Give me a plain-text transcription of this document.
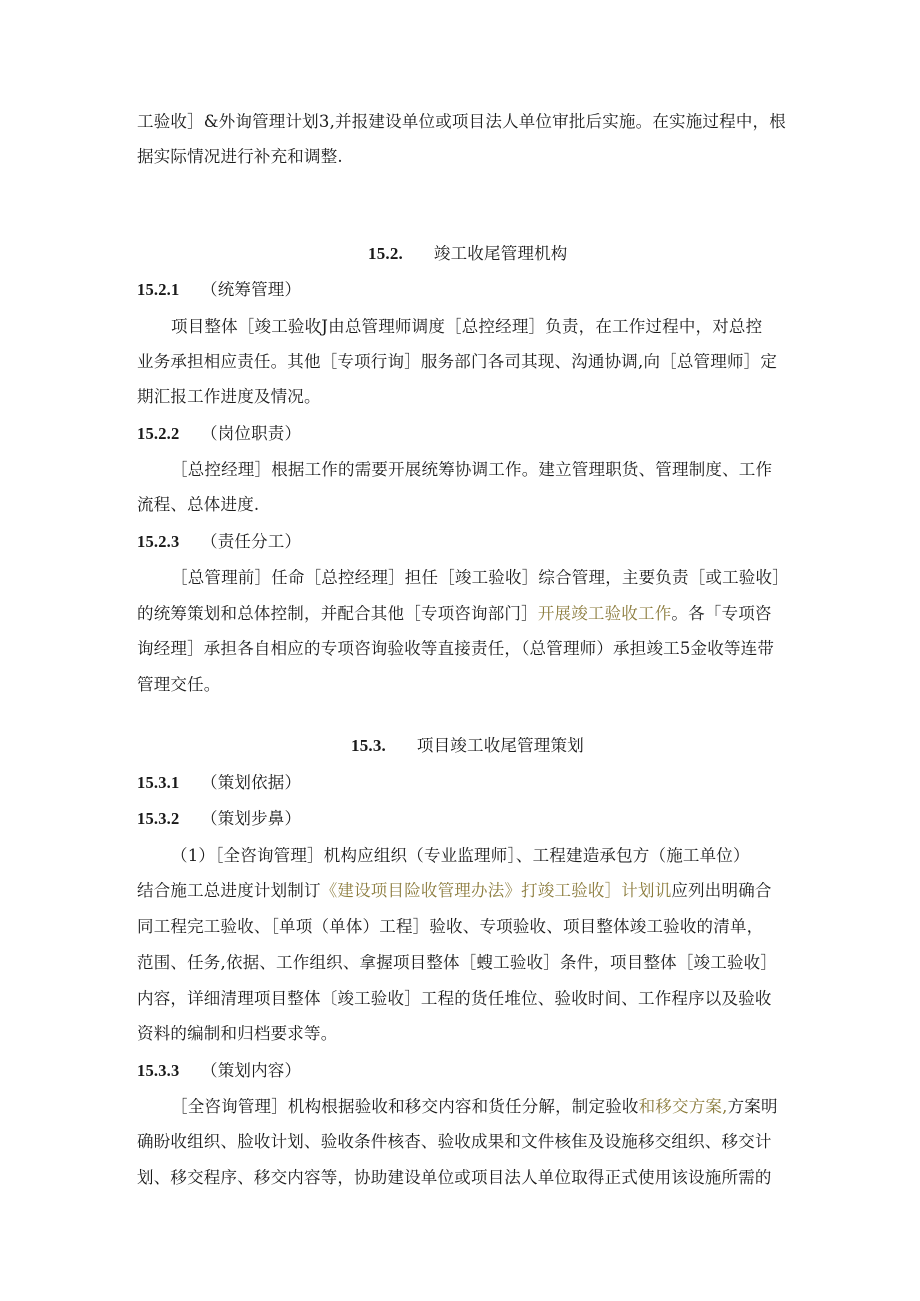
工验收］&外询管理计划3,并报建设单位或项目法人单位审批后实施。在实施过程中，根
据实际情况进行补充和调整.
15.2. 竣工收尾管理机构
15.2.1 （统筹管理）
项目整体［竣工验收J由总管理师调度［总控经理］负责，在工作过程中，对总控
业务承担相应责任。其他［专项行询］服务部门各司其现、沟通协调,向［总管理师］定
期汇报工作进度及情况。
15.2.2 （岗位职责）
［总控经理］根据工作的需要开展统筹协调工作。建立管理职货、管理制度、工作
流程、总体进度.
15.2.3 （责任分工）
［总管理前］任命［总控经理］担任［竣工验收］综合管理，主要负责［或工验收］
的统筹策划和总体控制，并配合其他［专项咨询部门］开展竣工验收工作。各「专项咨
询经理］承担各自相应的专项咨询验收等直接责任，（总管理师）承担竣工5金收等连带
管理交任。
15.3. 项目竣工收尾管理策划
15.3.1 （策划依据）
15.3.2 （策划步鼻）
（1）［全咨询管理］机构应组织（专业监理师］、工程建造承包方（施工单位）
结合施工总进度计划制订《建设项目险收管理办法》打竣工验收］计划讥应列出明确合
同工程完工验收、［单项（单体）工程］验收、专项验收、项目整体竣工验收的清单，
范围、任务,依据、工作组织、拿握项目整体［螋工验收］条件，项目整体［竣工验收］
内容，详细清理项目整体〔竣工验收］工程的货任堆位、验收时间、工作程序以及验收
资料的编制和归档要求等。
15.3.3 （策划内容）
［全咨询管理］机构根据验收和移交内容和货任分解，制定验收和移交方案,方案明
确盼收组织、脸收计划、验收条件核杳、验收成果和文件核隹及设施移交组织、移交计
划、移交程序、移交内容等，协助建设单位或项目法人单位取得正式使用该设施所需的
